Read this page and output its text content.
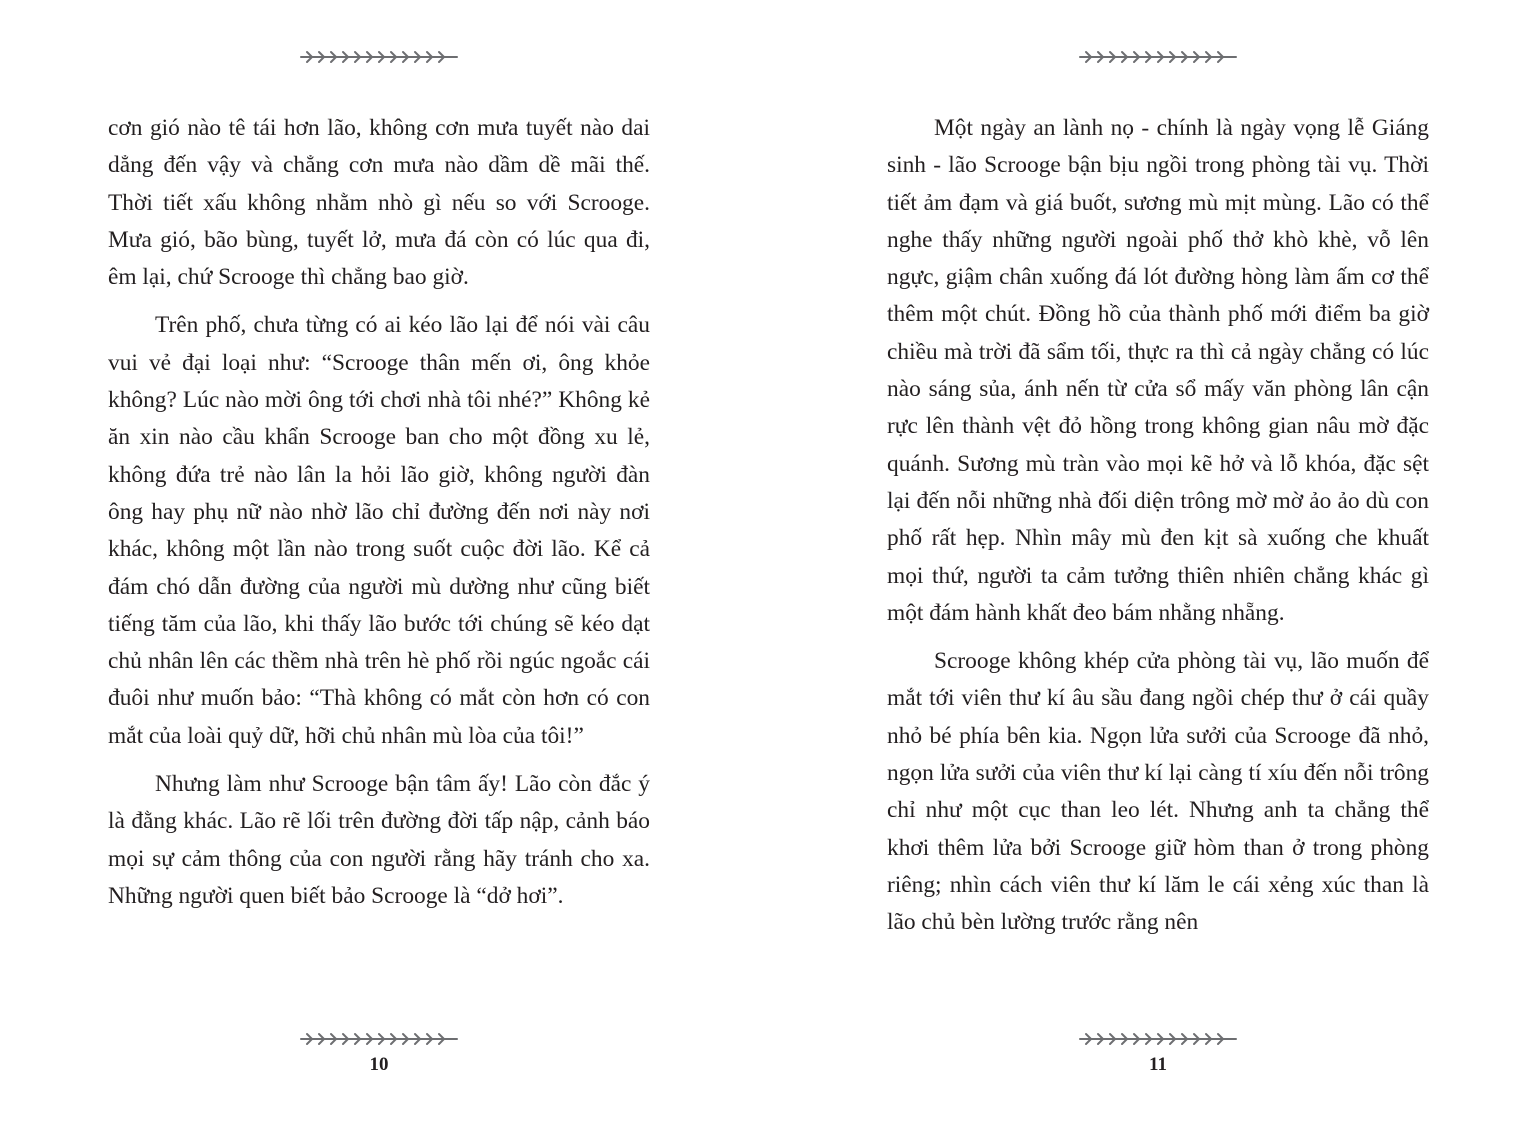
cơn gió nào tê tái hơn lão, không cơn mưa tuyết nào dai dẳng đến vậy và chẳng cơn mưa nào dầm dề mãi thế. Thời tiết xấu không nhằm nhò gì nếu so với Scrooge. Mưa gió, bão bùng, tuyết lở, mưa đá còn có lúc qua đi, êm lại, chứ Scrooge thì chẳng bao giờ.

Trên phố, chưa từng có ai kéo lão lại để nói vài câu vui vẻ đại loại như: “Scrooge thân mến ơi, ông khỏe không? Lúc nào mời ông tới chơi nhà tôi nhé?” Không kẻ ăn xin nào cầu khẩn Scrooge ban cho một đồng xu lẻ, không đứa trẻ nào lân la hỏi lão giờ, không người đàn ông hay phụ nữ nào nhờ lão chỉ đường đến nơi này nơi khác, không một lần nào trong suốt cuộc đời lão. Kể cả đám chó dẫn đường của người mù dường như cũng biết tiếng tăm của lão, khi thấy lão bước tới chúng sẽ kéo dạt chủ nhân lên các thềm nhà trên hè phố rồi ngúc ngoắc cái đuôi như muốn bảo: “Thà không có mắt còn hơn có con mắt của loài quỷ dữ, hỡi chủ nhân mù lòa của tôi!”

Nhưng làm như Scrooge bận tâm ấy! Lão còn đắc ý là đằng khác. Lão rẽ lối trên đường đời tấp nập, cảnh báo mọi sự cảm thông của con người rằng hãy tránh cho xa. Những người quen biết bảo Scrooge là “dở hơi”.

10

Một ngày an lành nọ - chính là ngày vọng lễ Giáng sinh - lão Scrooge bận bịu ngồi trong phòng tài vụ. Thời tiết ảm đạm và giá buốt, sương mù mịt mùng. Lão có thể nghe thấy những người ngoài phố thở khò khè, vỗ lên ngực, giậm chân xuống đá lót đường hòng làm ấm cơ thể thêm một chút. Đồng hồ của thành phố mới điểm ba giờ chiều mà trời đã sẩm tối, thực ra thì cả ngày chẳng có lúc nào sáng sủa, ánh nến từ cửa sổ mấy văn phòng lân cận rực lên thành vệt đỏ hồng trong không gian nâu mờ đặc quánh. Sương mù tràn vào mọi kẽ hở và lỗ khóa, đặc sệt lại đến nỗi những nhà đối diện trông mờ mờ ảo ảo dù con phố rất hẹp. Nhìn mây mù đen kịt sà xuống che khuất mọi thứ, người ta cảm tưởng thiên nhiên chẳng khác gì một đám hành khất đeo bám nhằng nhẵng.

Scrooge không khép cửa phòng tài vụ, lão muốn để mắt tới viên thư kí âu sầu đang ngồi chép thư ở cái quầy nhỏ bé phía bên kia. Ngọn lửa sưởi của Scrooge đã nhỏ, ngọn lửa sưởi của viên thư kí lại càng tí xíu đến nỗi trông chỉ như một cục than leo lét. Nhưng anh ta chẳng thể khơi thêm lửa bởi Scrooge giữ hòm than ở trong phòng riêng; nhìn cách viên thư kí lăm le cái xẻng xúc than là lão chủ bèn lường trước rằng nên

11
